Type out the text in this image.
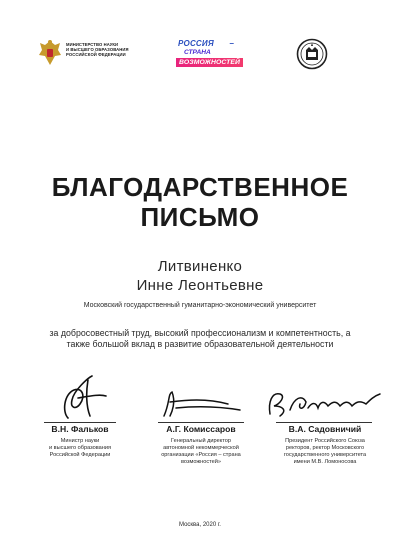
МИНИСТЕРСТВО НАУКИ
И ВЫСШЕГО ОБРАЗОВАНИЯ
РОССИЙСКОЙ ФЕДЕРАЦИИ
РОССИЯ	–
СТРАНА
ВОЗМОЖНОСТЕЙ
БЛАГОДАРСТВЕННОЕ
ПИСЬМО
Литвиненко
Инне Леонтьевне
Московский государственный гуманитарно-экономический университет
за добросовестный труд, высокий профессионализм и компетентность, а также большой вклад в развитие образовательной деятельности
В.Н. Фальков
Министр науки
и высшего образования
Российской Федерации
А.Г. Комиссаров
Генеральный директор
автономной некоммерческой
организации «Россия – страна
возможностей»
В.А. Садовничий
Президент Российского Союза
ректоров, ректор Московского
государственного университета
имени М.В. Ломоносова
Москва, 2020 г.
